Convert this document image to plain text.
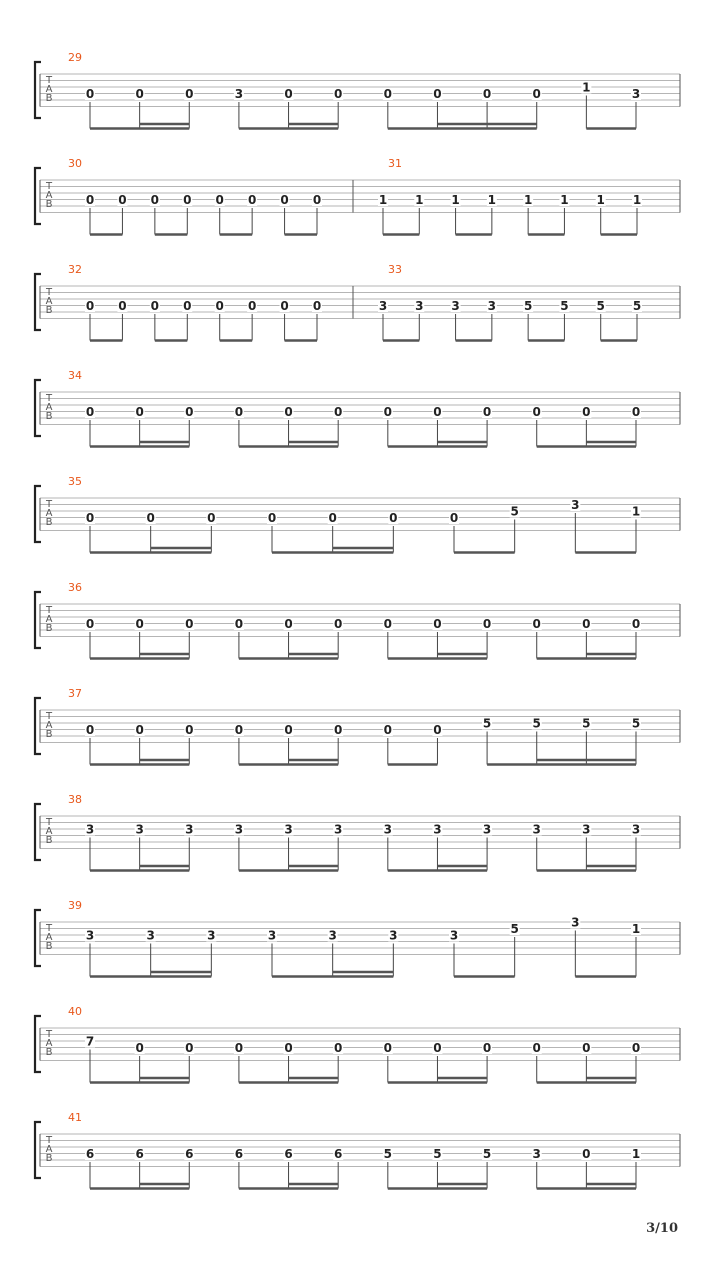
T
A
B
29
0	0	0	3	0	0	0	0	0	0	1	3
T
A
B
30
0 0 0 0 0 0 0 0
31
1 1 1 1 1 1 1 1
T
A
B
32
0 0 0 0 0 0 0 0
33
3 3 3 3 5 5 5 5
T
A
B
34
0	0	0	0	0	0	0	0	0	0	0	0
T
A
B
35
0	0	0	0	0	0	0	5	3	1
T
A
B
36
0	0	0	0	0	0	0	0	0	0	0	0
T
A
B
37
0	0	0	0	0	0	0	0	5	5	5	5
T
A
B
38
3	3	3	3	3	3	3	3	3	3	3	3
T
A
B
39
3	3	3	3	3	3	3	5	3	1
T
A
B
40
7	0	0	0	0	0	0	0	0	0	0	0
T
A
B
41
6	6	6	6	6	6	5	5	5	3	0	1
3/10
